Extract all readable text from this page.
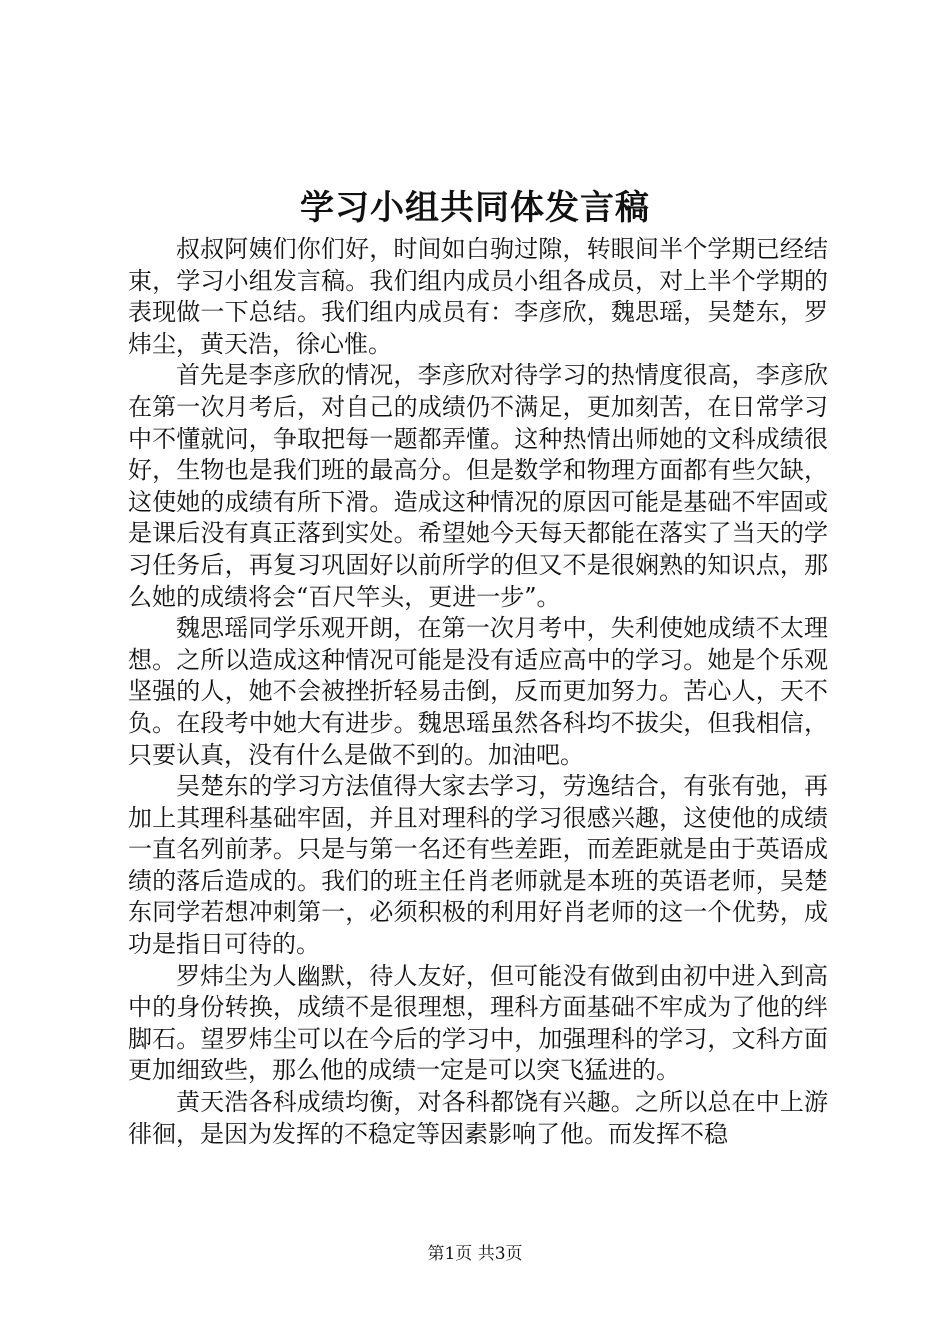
学习小组共同体发言稿

叔叔阿姨们你们好，时间如白驹过隙，转眼间半个学期已经结束，学习小组发言稿。我们组内成员小组各成员，对上半个学期的表现做一下总结。我们组内成员有：李彦欣，魏思瑶，吴楚东，罗炜尘，黄天浩，徐心惟。

首先是李彦欣的情况，李彦欣对待学习的热情度很高，李彦欣在第一次月考后，对自己的成绩仍不满足，更加刻苦，在日常学习中不懂就问，争取把每一题都弄懂。这种热情出师她的文科成绩很好，生物也是我们班的最高分。但是数学和物理方面都有些欠缺，这使她的成绩有所下滑。造成这种情况的原因可能是基础不牢固或是课后没有真正落到实处。希望她今天每天都能在落实了当天的学习任务后，再复习巩固好以前所学的但又不是很娴熟的知识点，那么她的成绩将会“百尺竿头，更进一步”。

魏思瑶同学乐观开朗，在第一次月考中，失利使她成绩不太理想。之所以造成这种情况可能是没有适应高中的学习。她是个乐观坚强的人，她不会被挫折轻易击倒，反而更加努力。苦心人，天不负。在段考中她大有进步。魏思瑶虽然各科均不拔尖，但我相信，只要认真，没有什么是做不到的。加油吧。

吴楚东的学习方法值得大家去学习，劳逸结合，有张有弛，再加上其理科基础牢固，并且对理科的学习很感兴趣，这使他的成绩一直名列前茅。只是与第一名还有些差距，而差距就是由于英语成绩的落后造成的。我们的班主任肖老师就是本班的英语老师，吴楚东同学若想冲刺第一，必须积极的利用好肖老师的这一个优势，成功是指日可待的。

罗炜尘为人幽默，待人友好，但可能没有做到由初中进入到高中的身份转换，成绩不是很理想，理科方面基础不牢成为了他的绊脚石。望罗炜尘可以在今后的学习中，加强理科的学习，文科方面更加细致些，那么他的成绩一定是可以突飞猛进的。

黄天浩各科成绩均衡，对各科都饶有兴趣。之所以总在中上游徘徊，是因为发挥的不稳定等因素影响了他。而发挥不稳

第1页 共3页
